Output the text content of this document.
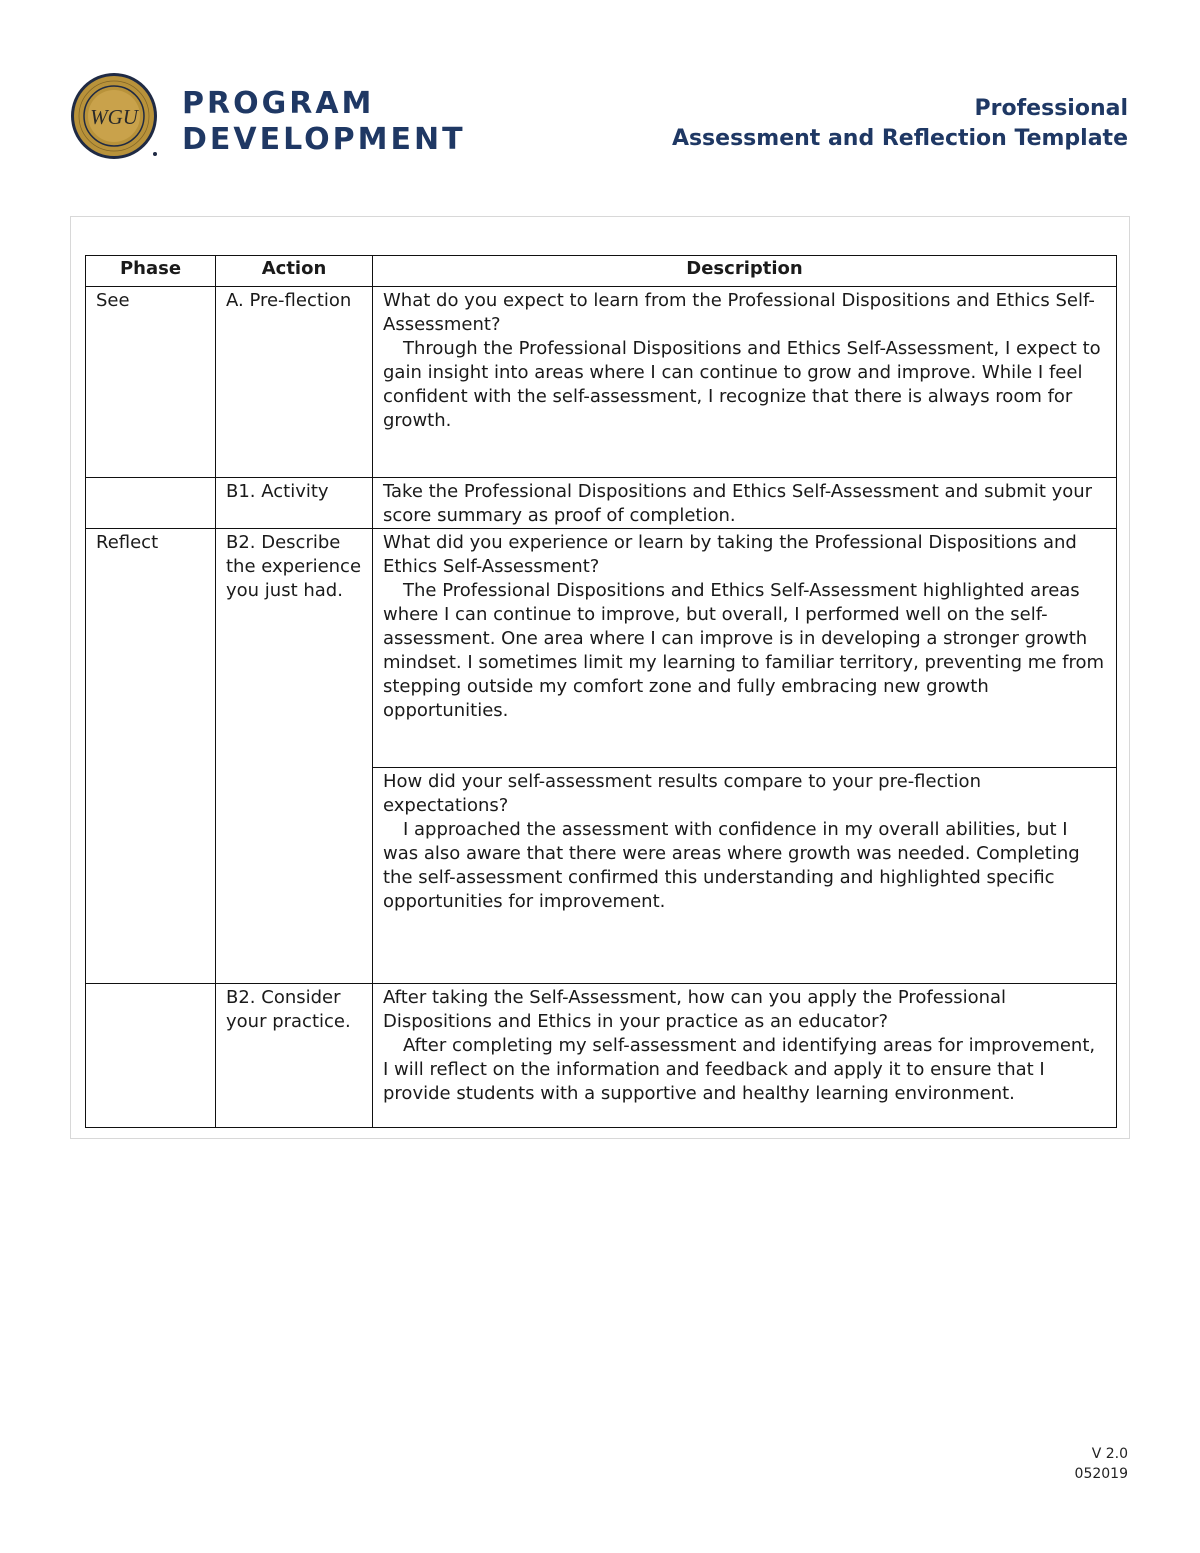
WGU PROGRAM
DEVELOPMENT
Professional
Assessment and Reflection Template
Phase	Action	Description
See	A. Pre-flection	What do you expect to learn from the Professional Dispositions and Ethics Self-Assessment?

Through the Professional Dispositions and Ethics Self-Assessment, I expect to gain insight into areas where I can continue to grow and improve. While I feel confident with the self-assessment, I recognize that there is always room for growth.

	B1. Activity	Take the Professional Dispositions and Ethics Self-Assessment and submit your score summary as proof of completion.

Reflect	B2. Describe the experience you just had.	What did you experience or learn by taking the Professional Dispositions and Ethics Self-Assessment?

The Professional Dispositions and Ethics Self-Assessment highlighted areas where I can continue to improve, but overall, I performed well on the self-assessment. One area where I can improve is in developing a stronger growth mindset. I sometimes limit my learning to familiar territory, preventing me from stepping outside my comfort zone and fully embracing new growth opportunities.

		How did your self-assessment results compare to your pre-flection expectations?

I approached the assessment with confidence in my overall abilities, but I was also aware that there were areas where growth was needed. Completing the self-assessment confirmed this understanding and highlighted specific opportunities for improvement.

	B2. Consider your practice.	After taking the Self-Assessment, how can you apply the Professional Dispositions and Ethics in your practice as an educator?

After completing my self-assessment and identifying areas for improvement, I will reflect on the information and feedback and apply it to ensure that I provide students with a supportive and healthy learning environment.

V 2.0
052019
